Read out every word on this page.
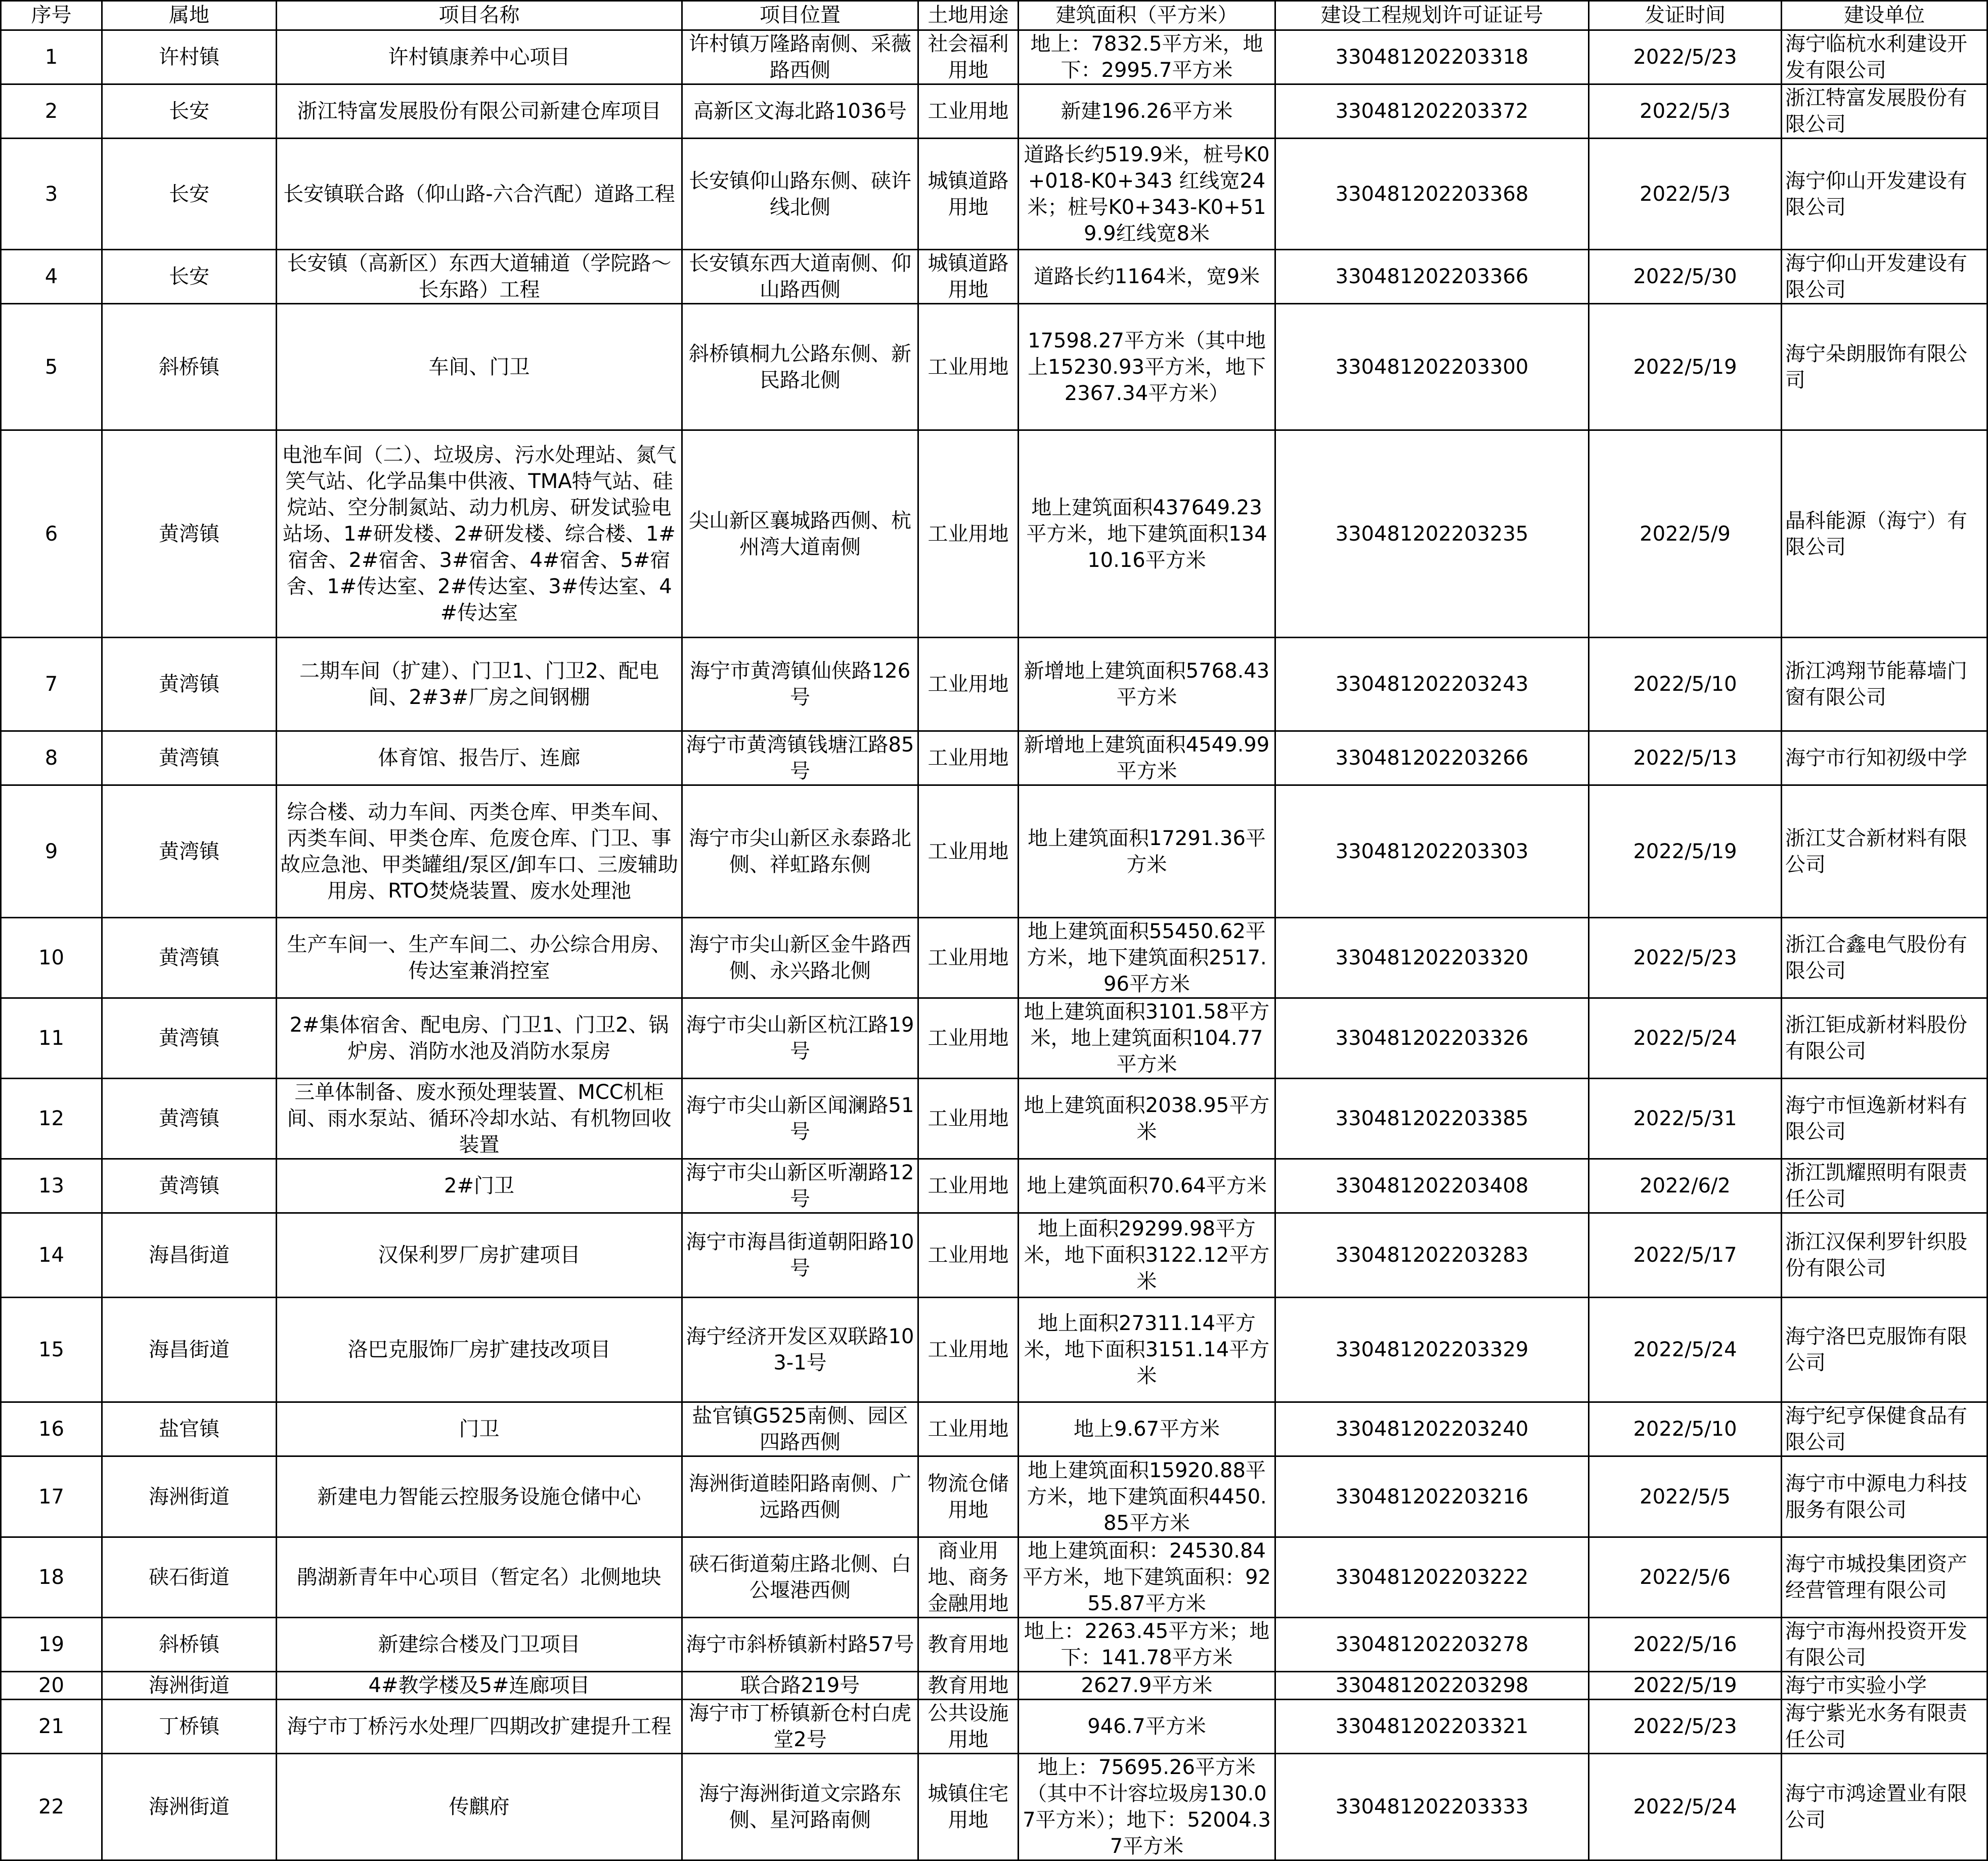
序号	属地	项目名称	项目位置	土地用途	建筑面积（平方米）	建设工程规划许可证证号	发证时间	建设单位
1	许村镇	许村镇康养中心项目	许村镇万隆路南侧、采薇路西侧	社会福利用地	地上：7832.5平方米，地下：2995.7平方米	330481202203318	2022/5/23	海宁临杭水利建设开发有限公司
2	长安	浙江特富发展股份有限公司新建仓库项目	高新区文海北路1036号	工业用地	新建196.26平方米	330481202203372	2022/5/3	浙江特富发展股份有限公司
3	长安	长安镇联合路（仰山路-六合汽配）道路工程	长安镇仰山路东侧、硖许线北侧	城镇道路用地	道路长约519.9米，桩号K0+018-K0+343 红线宽24米；桩号K0+343-K0+519.9红线宽8米	330481202203368	2022/5/3	海宁仰山开发建设有限公司
4	长安	长安镇（高新区）东西大道辅道（学院路～长东路）工程	长安镇东西大道南侧、仰山路西侧	城镇道路用地	道路长约1164米，宽9米	330481202203366	2022/5/30	海宁仰山开发建设有限公司
5	斜桥镇	车间、门卫	斜桥镇桐九公路东侧、新民路北侧	工业用地	17598.27平方米（其中地上15230.93平方米，地下2367.34平方米）	330481202203300	2022/5/19	海宁朵朗服饰有限公司
6	黄湾镇	电池车间（二）、垃圾房、污水处理站、氮气笑气站、化学品集中供液、TMA特气站、硅烷站、空分制氮站、动力机房、研发试验电站场、1#研发楼、2#研发楼、综合楼、1#宿舍、2#宿舍、3#宿舍、4#宿舍、5#宿舍、1#传达室、2#传达室、3#传达室、4#传达室	尖山新区襄城路西侧、杭州湾大道南侧	工业用地	地上建筑面积437649.23平方米，地下建筑面积13410.16平方米	330481202203235	2022/5/9	晶科能源（海宁）有限公司
7	黄湾镇	二期车间（扩建）、门卫1、门卫2、配电间、2#3#厂房之间钢棚	海宁市黄湾镇仙侠路126号	工业用地	新增地上建筑面积5768.43平方米	330481202203243	2022/5/10	浙江鸿翔节能幕墙门窗有限公司
8	黄湾镇	体育馆、报告厅、连廊	海宁市黄湾镇钱塘江路85号	工业用地	新增地上建筑面积4549.99平方米	330481202203266	2022/5/13	海宁市行知初级中学
9	黄湾镇	综合楼、动力车间、丙类仓库、甲类车间、丙类车间、甲类仓库、危废仓库、门卫、事故应急池、甲类罐组/泵区/卸车口、三废辅助用房、RTO焚烧装置、废水处理池	海宁市尖山新区永泰路北侧、祥虹路东侧	工业用地	地上建筑面积17291.36平方米	330481202203303	2022/5/19	浙江艾合新材料有限公司
10	黄湾镇	生产车间一、生产车间二、办公综合用房、传达室兼消控室	海宁市尖山新区金牛路西侧、永兴路北侧	工业用地	地上建筑面积55450.62平方米，地下建筑面积2517.96平方米	330481202203320	2022/5/23	浙江合鑫电气股份有限公司
11	黄湾镇	2#集体宿舍、配电房、门卫1、门卫2、锅炉房、消防水池及消防水泵房	海宁市尖山新区杭江路19号	工业用地	地上建筑面积3101.58平方米，地上建筑面积104.77平方米	330481202203326	2022/5/24	浙江钜成新材料股份有限公司
12	黄湾镇	三单体制备、废水预处理装置、MCC机柜间、雨水泵站、循环冷却水站、有机物回收装置	海宁市尖山新区闻澜路51号	工业用地	地上建筑面积2038.95平方米	330481202203385	2022/5/31	海宁市恒逸新材料有限公司
13	黄湾镇	2#门卫	海宁市尖山新区听潮路12号	工业用地	地上建筑面积70.64平方米	330481202203408	2022/6/2	浙江凯耀照明有限责任公司
14	海昌街道	汉保利罗厂房扩建项目	海宁市海昌街道朝阳路10号	工业用地	地上面积29299.98平方米，地下面积3122.12平方米	330481202203283	2022/5/17	浙江汉保利罗针织股份有限公司
15	海昌街道	洛巴克服饰厂房扩建技改项目	海宁经济开发区双联路103-1号	工业用地	地上面积27311.14平方米，地下面积3151.14平方米	330481202203329	2022/5/24	海宁洛巴克服饰有限公司
16	盐官镇	门卫	盐官镇G525南侧、园区四路西侧	工业用地	地上9.67平方米	330481202203240	2022/5/10	海宁纪亨保健食品有限公司
17	海洲街道	新建电力智能云控服务设施仓储中心	海洲街道睦阳路南侧、广远路西侧	物流仓储用地	地上建筑面积15920.88平方米，地下建筑面积4450.85平方米	330481202203216	2022/5/5	海宁市中源电力科技服务有限公司
18	硖石街道	鹃湖新青年中心项目（暂定名）北侧地块	硖石街道菊庄路北侧、白公堰港西侧	商业用地、商务金融用地	地上建筑面积：24530.84平方米，地下建筑面积：9255.87平方米	330481202203222	2022/5/6	海宁市城投集团资产经营管理有限公司
19	斜桥镇	新建综合楼及门卫项目	海宁市斜桥镇新村路57号	教育用地	地上：2263.45平方米；地下：141.78平方米	330481202203278	2022/5/16	海宁市海州投资开发有限公司
20	海洲街道	4#教学楼及5#连廊项目	联合路219号	教育用地	2627.9平方米	330481202203298	2022/5/19	海宁市实验小学
21	丁桥镇	海宁市丁桥污水处理厂四期改扩建提升工程	海宁市丁桥镇新仓村白虎堂2号	公共设施用地	946.7平方米	330481202203321	2022/5/23	海宁紫光水务有限责任公司
22	海洲街道	传麒府	海宁海洲街道文宗路东侧、星河路南侧	城镇住宅用地	地上：75695.26平方米（其中不计容垃圾房130.07平方米）；地下：52004.37平方米	330481202203333	2022/5/24	海宁市鸿途置业有限公司
